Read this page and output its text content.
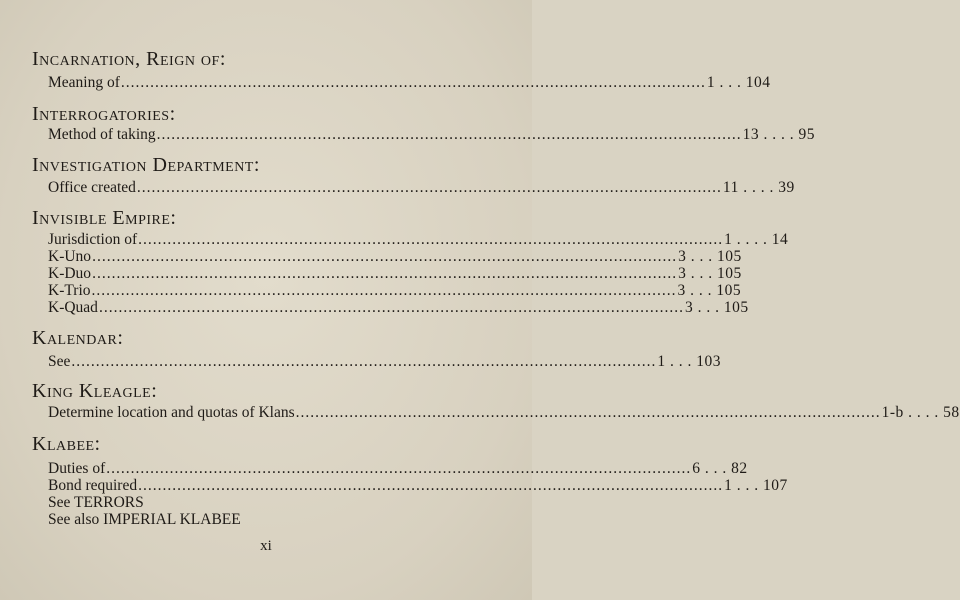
Incarnation, Reign of:
Meaning of ........................................................................................................................ 1 . . . 104
Interrogatories:
Method of taking ........................................................................................................................ 13 . . . . 95
Investigation Department:
Office created ........................................................................................................................ 11 . . . . 39
Invisible Empire:
Jurisdiction of ........................................................................................................................ 1 . . . . 14
K-Uno ........................................................................................................................ 3 . . . 105
K-Duo ........................................................................................................................ 3 . . . 105
K-Trio ........................................................................................................................ 3 . . . 105
K-Quad ........................................................................................................................ 3 . . . 105
Kalendar:
See ........................................................................................................................ 1 . . . 103
King Kleagle:
Determine location and quotas of Klans ........................................................................................................................ 1-b . . . . 58
Klabee:
Duties of ........................................................................................................................ 6 . . . 82
Bond required ........................................................................................................................ 1 . . . 107
See TERRORS
See also IMPERIAL KLABEE
xi
